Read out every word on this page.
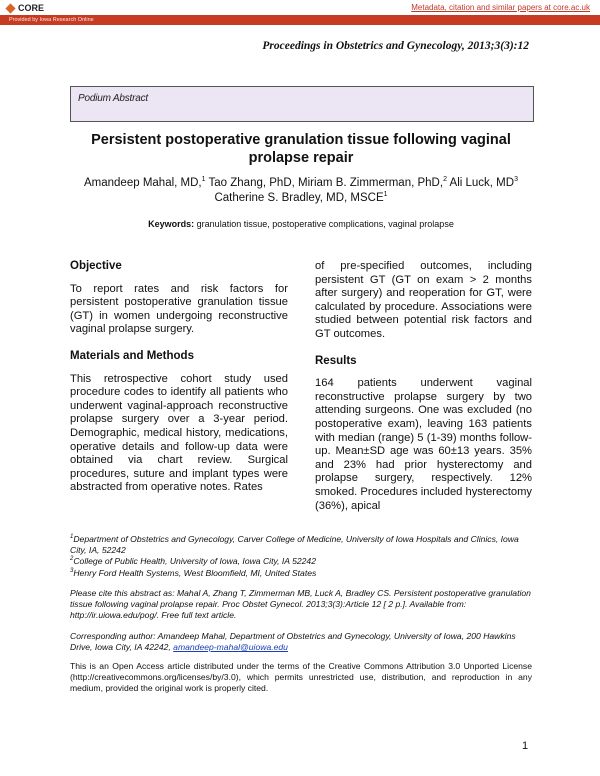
CORE	Metadata, citation and similar papers at core.ac.uk
Provided by Iowa Research Online
Proceedings in Obstetrics and Gynecology, 2013;3(3):12
Podium Abstract
Persistent postoperative granulation tissue following vaginal prolapse repair
Amandeep Mahal, MD,$^1$ Tao Zhang, PhD, Miriam B. Zimmerman, PhD,$^2$ Ali Luck, $MD^3$
Catherine S. Bradley, MD, MSCE$^1$
Keywords: granulation tissue, postoperative complications, vaginal prolapse
Objective

To report rates and risk factors for persistent postoperative granulation tissue (GT) in women undergoing reconstructive vaginal prolapse surgery.

Materials and Methods

This retrospective cohort study used procedure codes to identify all patients who underwent vaginal-approach reconstructive prolapse surgery over a 3-year period. Demographic, medical history, medications, operative details and follow-up data were obtained via chart review. Surgical procedures, suture and implant types were abstracted from operative notes. Rates

of pre-specified outcomes, including persistent GT (GT on exam > 2 months after surgery) and reoperation for GT, were calculated by procedure. Associations were studied between potential risk factors and GT outcomes.

Results

164 patients underwent vaginal reconstructive prolapse surgery by two attending surgeons. One was excluded (no postoperative exam), leaving 163 patients with median (range) 5 (1-39) months follow-up. Mean±SD age was 60±13 years. 35% and 23% had prior hysterectomy and prolapse surgery, respectively. 12% smoked. Procedures included hysterectomy (36%), apical

$^1$Department of Obstetrics and Gynecology, Carver College of Medicine, University of Iowa Hospitals and Clinics, Iowa City, IA, 52242
$^2$College of Public Health, University of Iowa, Iowa City, IA 52242
$^3$Henry Ford Health Systems, West Bloomfield, MI, United States
Please cite this abstract as: Mahal A, Zhang T, Zimmerman MB, Luck A, Bradley CS. Persistent postoperative granulation tissue following vaginal prolapse repair. Proc Obstet Gynecol. 2013;3(3):Article 12 [ 2 p.]. Available from: http://ir.uiowa.edu/pog/. Free full text article.
Corresponding author: Amandeep Mahal, Department of Obstetrics and Gynecology, University of Iowa, 200 Hawkins Drive, Iowa City, IA 42242, amandeep-mahal@uiowa.edu
This is an Open Access article distributed under the terms of the Creative Commons Attribution 3.0 Unported License (http://creativecommons.org/licenses/by/3.0), which permits unrestricted use, distribution, and reproduction in any medium, provided the original work is properly cited.
1
